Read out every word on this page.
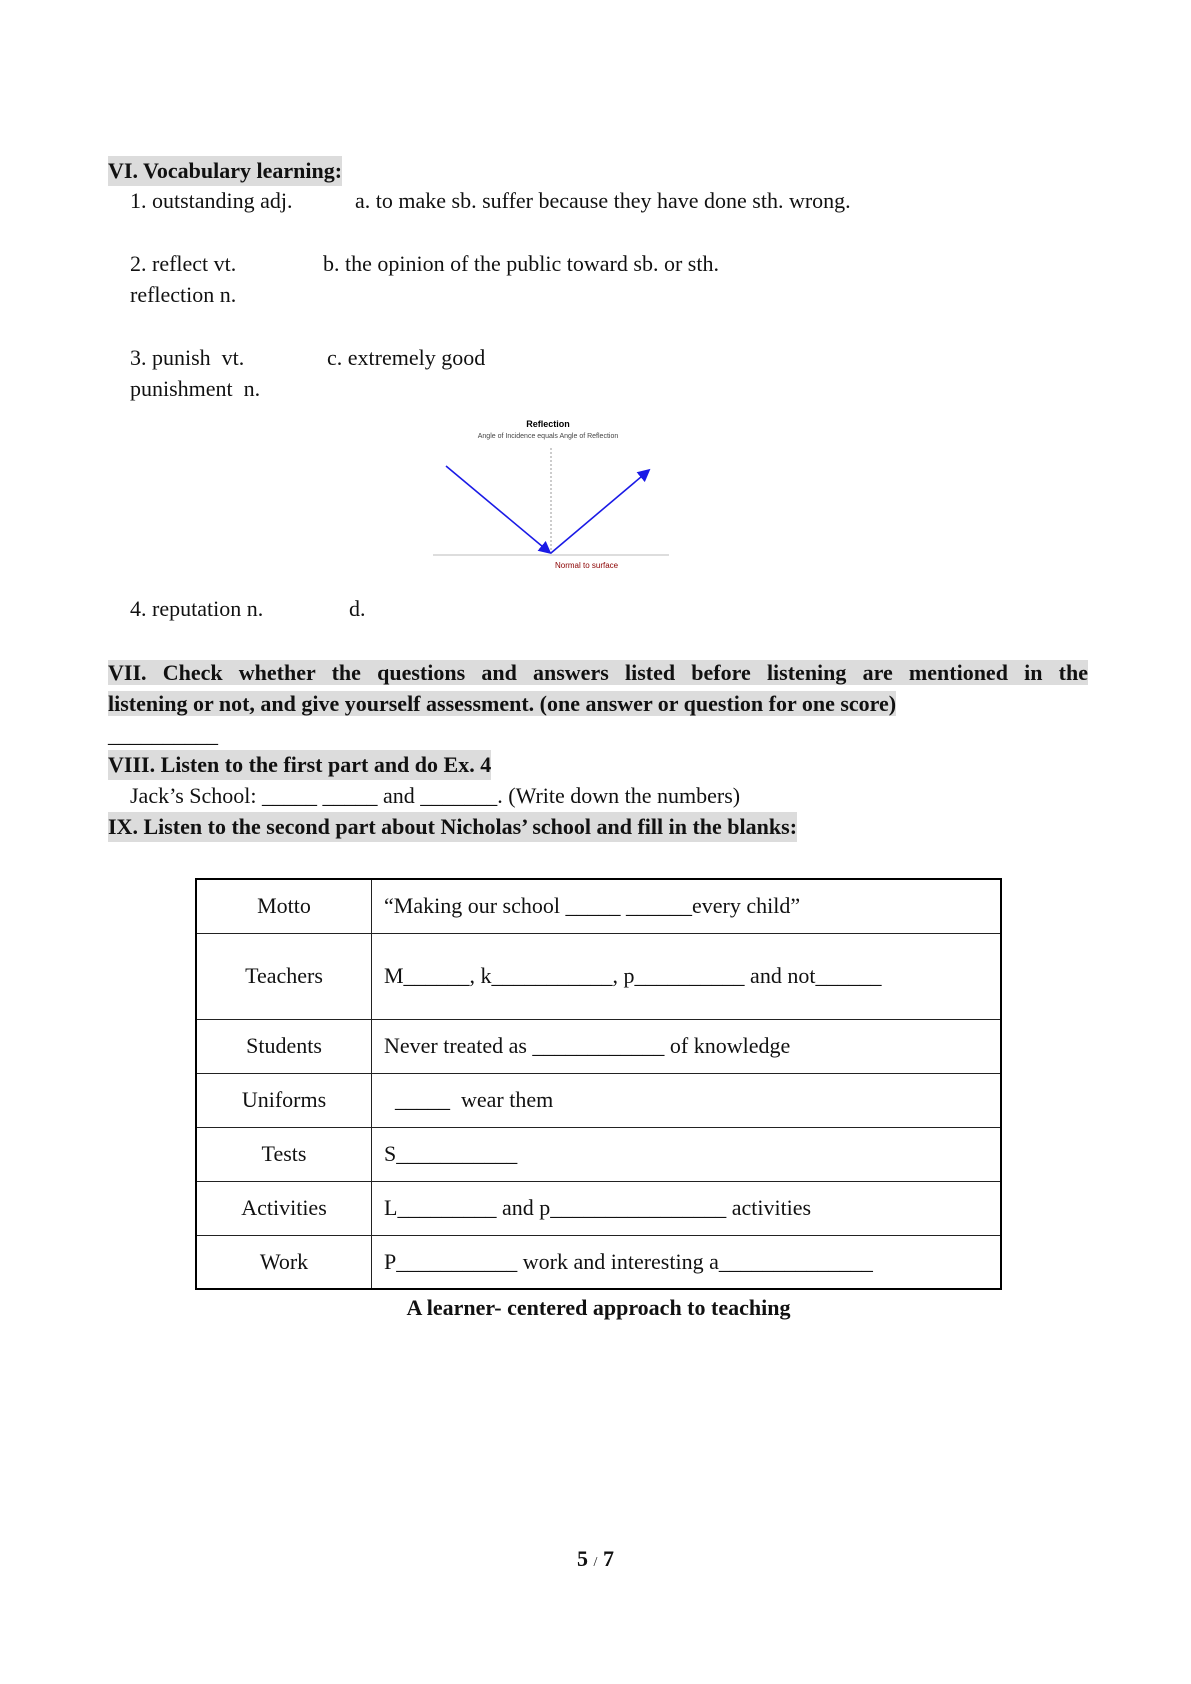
VI. Vocabulary learning:
1. outstanding adj.	a. to make sb. suffer because they have done sth. wrong.
2. reflect vt.	b. the opinion of the public toward sb. or sth.
reflection n.
3. punish  vt.	c. extremely good
punishment  n.
Reflection
Angle of Incidence equals Angle of Reflection
Normal to surface
4. reputation n.	d.
VII. Check whether the questions and answers listed before listening are mentioned in the
listening or not, and give yourself assessment. (one answer or question for one score)
__________
VIII. Listen to the first part and do Ex. 4
Jack’s School: _____ _____ and _______. (Write down the numbers)
IX. Listen to the second part about Nicholas’ school and fill in the blanks:
Motto	“Making our school _____ ______every child”
Teachers	M______, k___________, p__________ and not______
Students	Never treated as ____________ of knowledge
Uniforms	_____  wear them
Tests	S___________
Activities	L_________ and p________________ activities
Work	P___________ work and interesting a______________
A learner- centered approach to teaching
5 / 7
